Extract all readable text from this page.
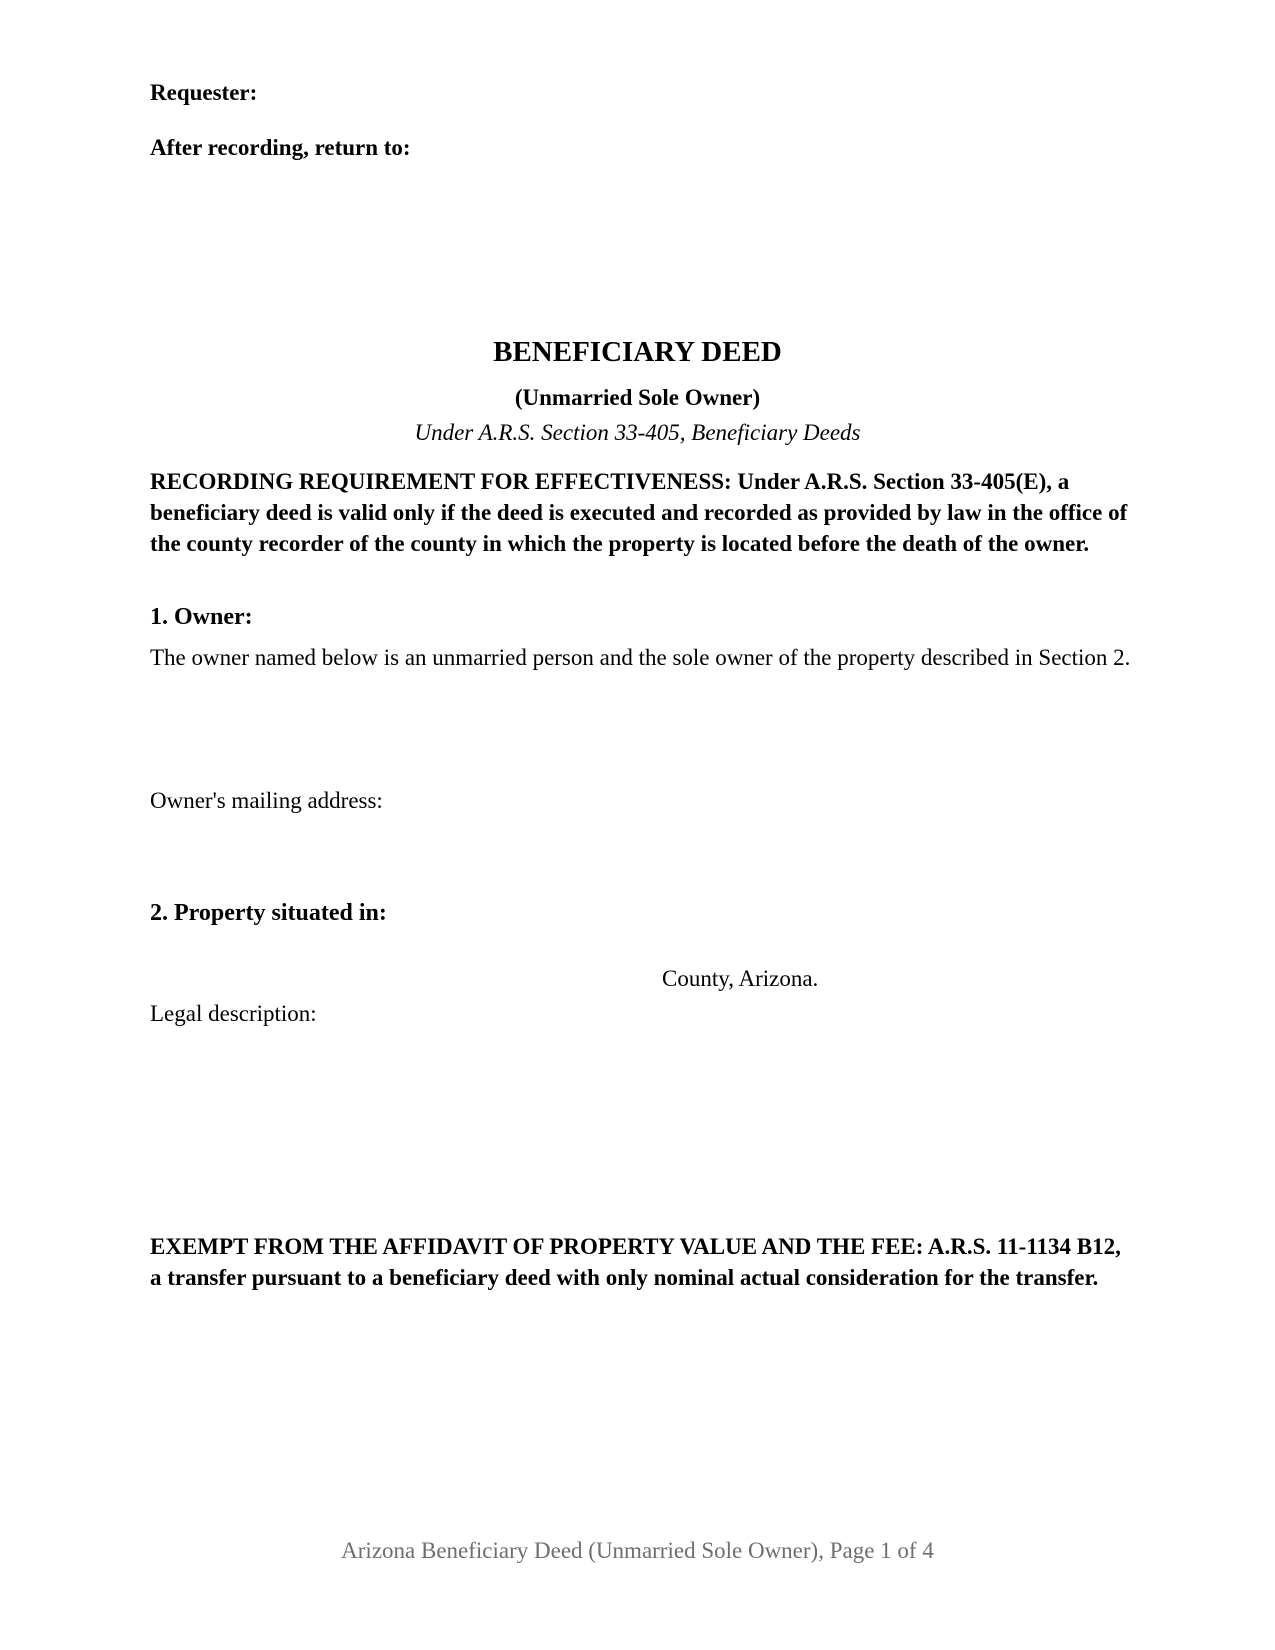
Requester:

After recording, return to:

BENEFICIARY DEED

(Unmarried Sole Owner)

Under A.R.S. Section 33-405, Beneficiary Deeds

RECORDING REQUIREMENT FOR EFFECTIVENESS: Under A.R.S. Section 33-405(E), a beneficiary deed is valid only if the deed is executed and recorded as provided by law in the office of the county recorder of the county in which the property is located before the death of the owner.

1. Owner:

The owner named below is an unmarried person and the sole owner of the property described in Section 2.

Owner's mailing address:

2. Property situated in:

County, Arizona.

Legal description:

EXEMPT FROM THE AFFIDAVIT OF PROPERTY VALUE AND THE FEE: A.R.S. 11-1134 B12, a transfer pursuant to a beneficiary deed with only nominal actual consideration for the transfer.

Arizona Beneficiary Deed (Unmarried Sole Owner), Page 1 of 4
